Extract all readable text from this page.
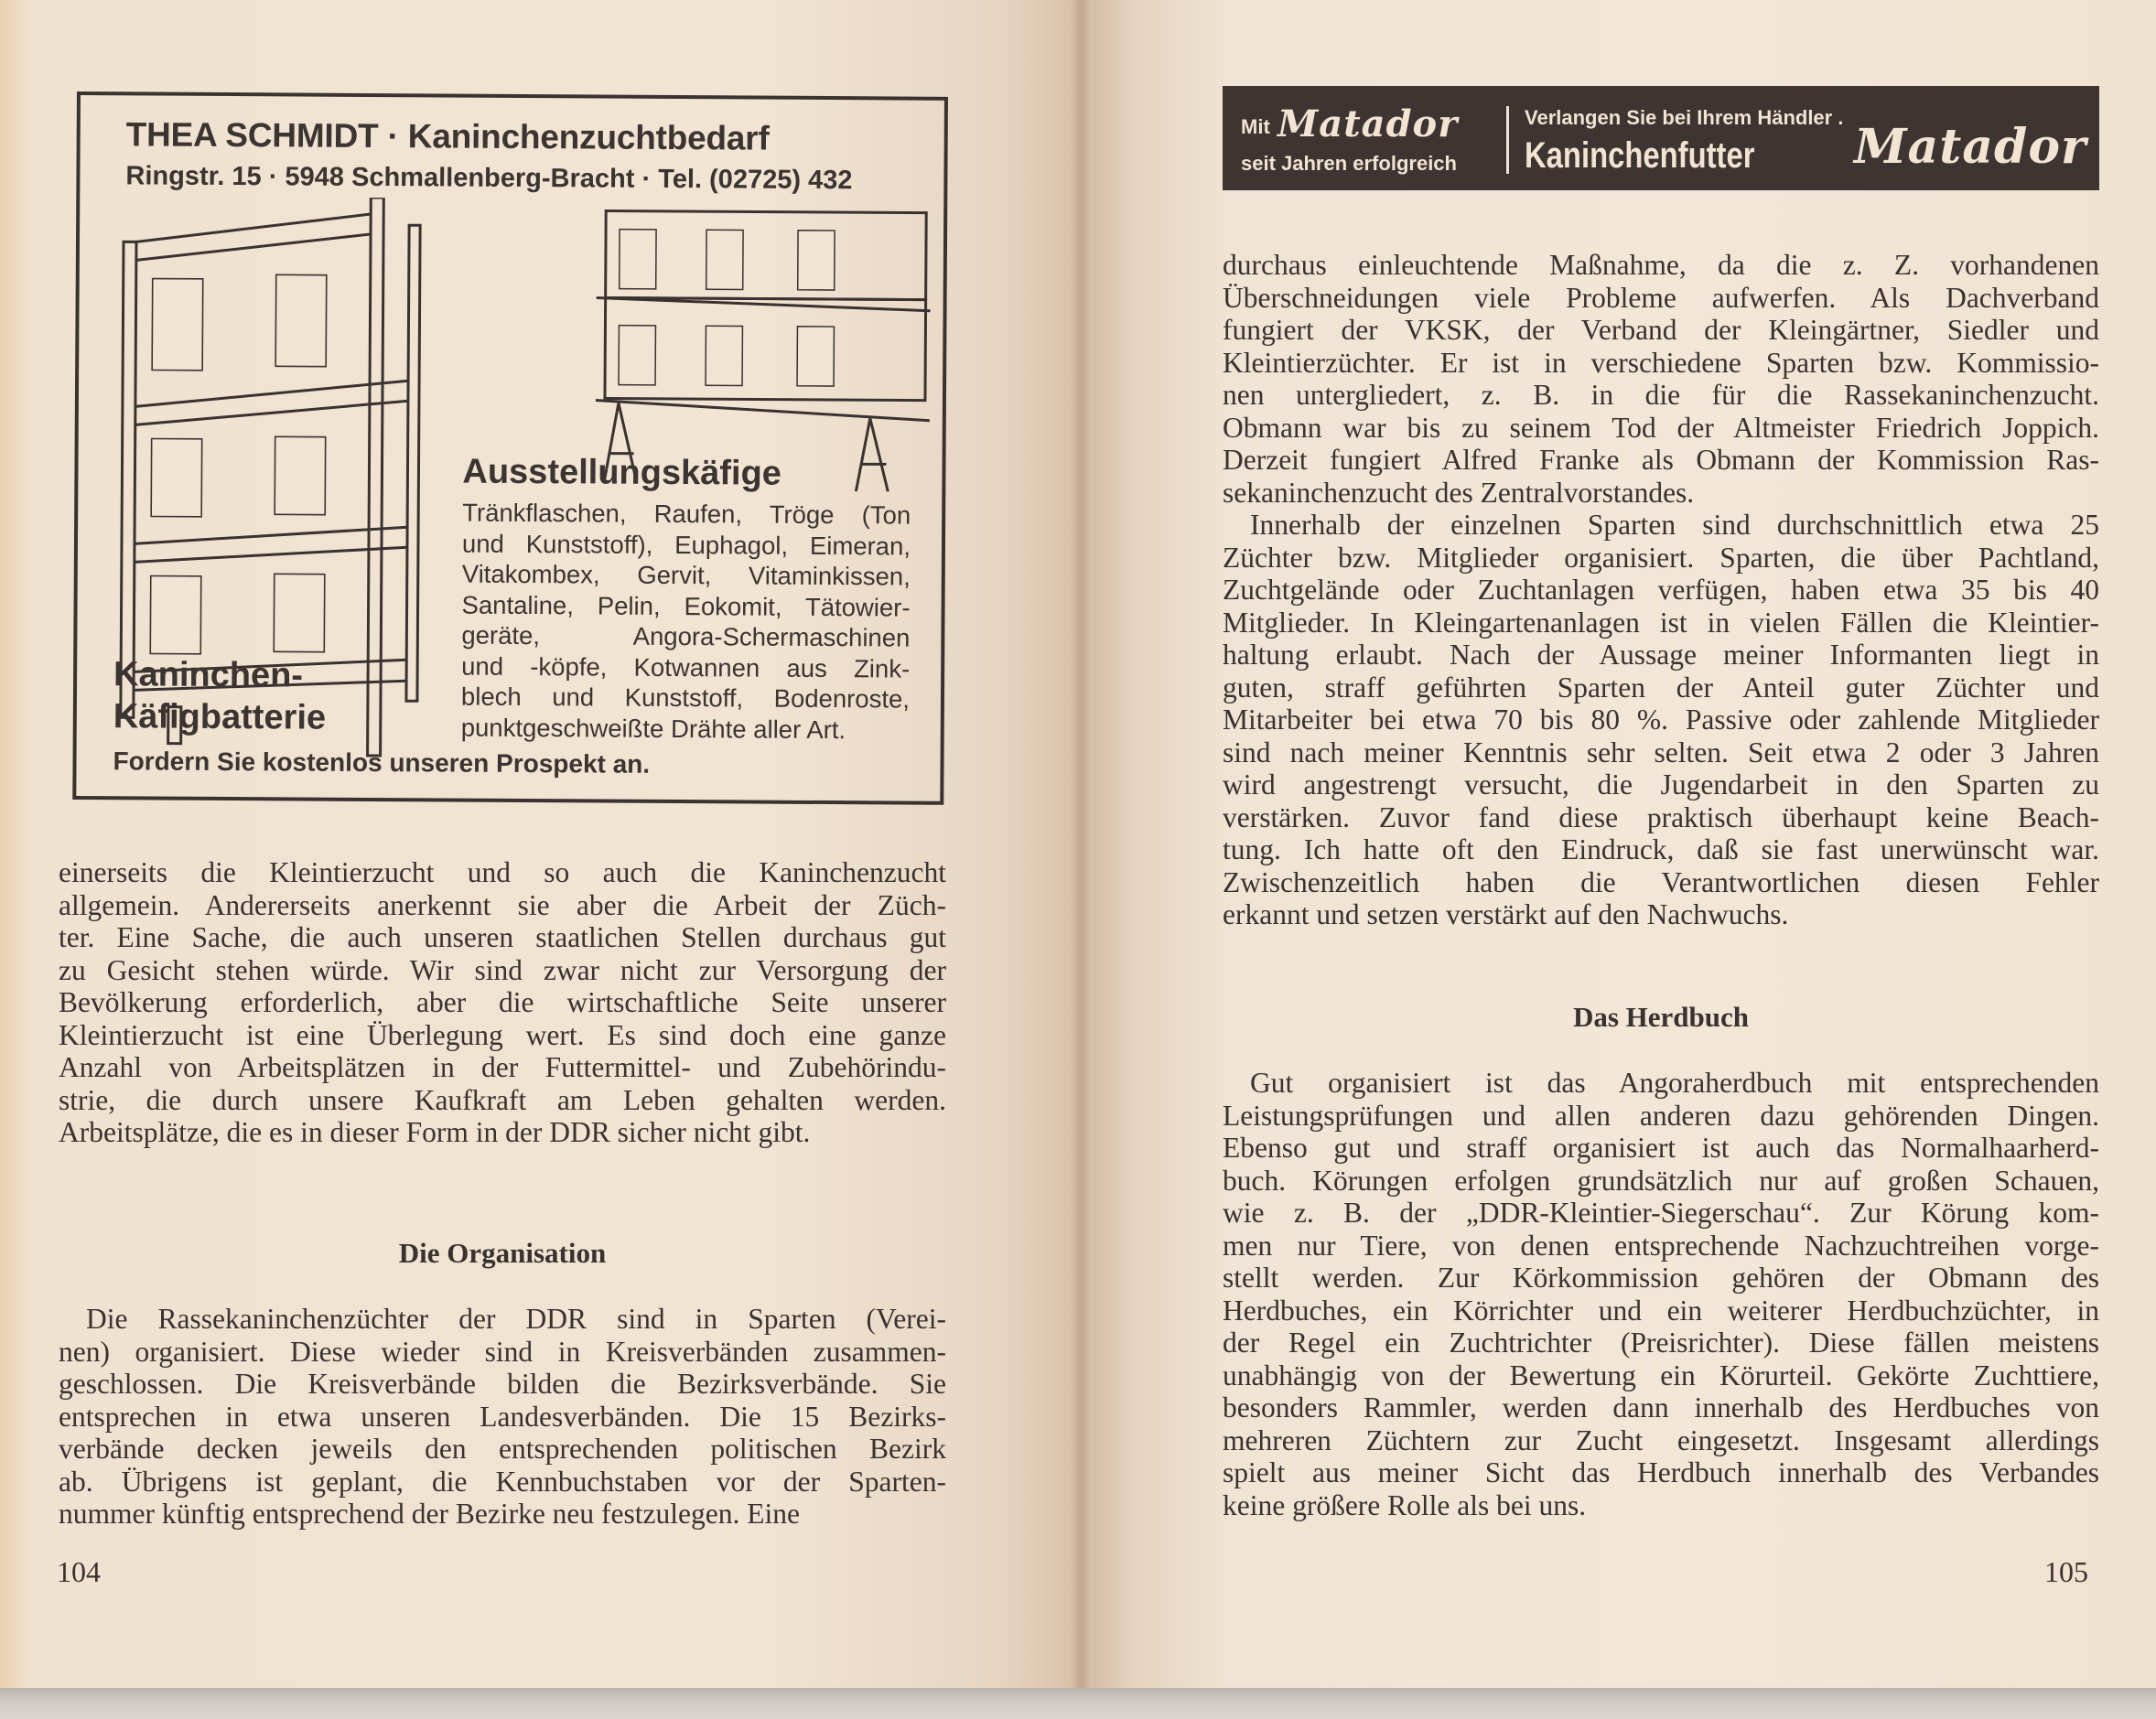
THEA SCHMIDT · Kaninchenzuchtbedarf
Ringstr. 15 · 5948 Schmallenberg-Bracht · Tel. (02725) 432
Ausstellungskäfige
Kaninchen-
Käfigbatterie
Tränkflaschen, Raufen, Tröge (Ton
und Kunststoff), Euphagol, Eimeran,
Vitakombex, Gervit, Vitaminkissen,
Santaline, Pelin, Eokomit, Tätowier-
geräte, Angora-Schermaschinen
und -köpfe, Kotwannen aus Zink-
blech und Kunststoff, Bodenroste,
punktgeschweißte Drähte aller Art.
Fordern Sie kostenlos unseren Prospekt an.
einerseits die Kleintierzucht und so auch die Kaninchenzucht
allgemein. Andererseits anerkennt sie aber die Arbeit der Züch-
ter. Eine Sache, die auch unseren staatlichen Stellen durchaus gut
zu Gesicht stehen würde. Wir sind zwar nicht zur Versorgung der
Bevölkerung erforderlich, aber die wirtschaftliche Seite unserer
Kleintierzucht ist eine Überlegung wert. Es sind doch eine ganze
Anzahl von Arbeitsplätzen in der Futtermittel- und Zubehörindu-
strie, die durch unsere Kaufkraft am Leben gehalten werden.
Arbeitsplätze, die es in dieser Form in der DDR sicher nicht gibt.
Die Organisation
Die Rassekaninchenzüchter der DDR sind in Sparten (Verei-
nen) organisiert. Diese wieder sind in Kreisverbänden zusammen-
geschlossen. Die Kreisverbände bilden die Bezirksverbände. Sie
entsprechen in etwa unseren Landesverbänden. Die 15 Bezirks-
verbände decken jeweils den entsprechenden politischen Bezirk
ab. Übrigens ist geplant, die Kennbuchstaben vor der Sparten-
nummer künftig entsprechend der Bezirke neu festzulegen. Eine
104
Mit Matador
seit Jahren erfolgreich
Verlangen Sie bei Ihrem Händler .
Kaninchenfutter Matador
durchaus einleuchtende Maßnahme, da die z. Z. vorhandenen
Überschneidungen viele Probleme aufwerfen. Als Dachverband
fungiert der VKSK, der Verband der Kleingärtner, Siedler und
Kleintierzüchter. Er ist in verschiedene Sparten bzw. Kommissio-
nen untergliedert, z. B. in die für die Rassekaninchenzucht.
Obmann war bis zu seinem Tod der Altmeister Friedrich Joppich.
Derzeit fungiert Alfred Franke als Obmann der Kommission Ras-
sekaninchenzucht des Zentralvorstandes.
Innerhalb der einzelnen Sparten sind durchschnittlich etwa 25
Züchter bzw. Mitglieder organisiert. Sparten, die über Pachtland,
Zuchtgelände oder Zuchtanlagen verfügen, haben etwa 35 bis 40
Mitglieder. In Kleingartenanlagen ist in vielen Fällen die Kleintier-
haltung erlaubt. Nach der Aussage meiner Informanten liegt in
guten, straff geführten Sparten der Anteil guter Züchter und
Mitarbeiter bei etwa 70 bis 80 %. Passive oder zahlende Mitglieder
sind nach meiner Kenntnis sehr selten. Seit etwa 2 oder 3 Jahren
wird angestrengt versucht, die Jugendarbeit in den Sparten zu
verstärken. Zuvor fand diese praktisch überhaupt keine Beach-
tung. Ich hatte oft den Eindruck, daß sie fast unerwünscht war.
Zwischenzeitlich haben die Verantwortlichen diesen Fehler
erkannt und setzen verstärkt auf den Nachwuchs.
Das Herdbuch
Gut organisiert ist das Angoraherdbuch mit entsprechenden
Leistungsprüfungen und allen anderen dazu gehörenden Dingen.
Ebenso gut und straff organisiert ist auch das Normalhaarherd-
buch. Körungen erfolgen grundsätzlich nur auf großen Schauen,
wie z. B. der „DDR-Kleintier-Siegerschau“. Zur Körung kom-
men nur Tiere, von denen entsprechende Nachzuchtreihen vorge-
stellt werden. Zur Körkommission gehören der Obmann des
Herdbuches, ein Körrichter und ein weiterer Herdbuchzüchter, in
der Regel ein Zuchtrichter (Preisrichter). Diese fällen meistens
unabhängig von der Bewertung ein Körurteil. Gekörte Zuchttiere,
besonders Rammler, werden dann innerhalb des Herdbuches von
mehreren Züchtern zur Zucht eingesetzt. Insgesamt allerdings
spielt aus meiner Sicht das Herdbuch innerhalb des Verbandes
keine größere Rolle als bei uns.
105
